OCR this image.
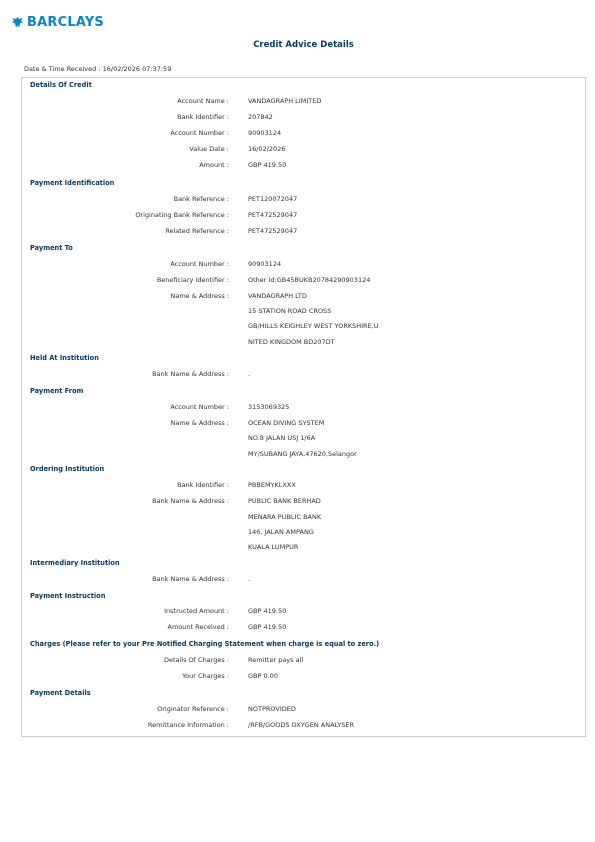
BARCLAYS
Credit Advice Details
Date & Time Received : 16/02/2026 07:37:59
Details Of Credit
Account Name :	VANDAGRAPH LIMITED
Bank Identifier :	207842
Account Number :	90903124
Value Date :	16/02/2026
Amount :	GBP 419.50
Payment Identification
Bank Reference :	PET120072047
Originating Bank Reference :	PET472529047
Related Reference :	PET472529047
Payment To
Account Number :	90903124
Beneficiary Identifier :	Other Id:GB45BUKB20784290903124
Name & Address :	VANDAGRAPH LTD
15 STATION ROAD CROSS
GB/HILLS KEIGHLEY WEST YORKSHIRE,U
NITED KINGDOM BD207DT
Held At Institution
Bank Name & Address :	.
Payment From
Account Number :	3153069325
Name & Address :	OCEAN DIVING SYSTEM
NO.8 JALAN USJ 1/6A
MY/SUBANG JAYA,47620,Selangor
Ordering Institution
Bank Identifier :	PBBEMYKLXXX
Bank Name & Address :	PUBLIC BANK BERHAD
MENARA PUBLIC BANK
146, JALAN AMPANG
KUALA LUMPUR
Intermediary Institution
Bank Name & Address :	.
Payment Instruction
Instructed Amount :	GBP 419.50
Amount Received :	GBP 419.50
Charges (Please refer to your Pre Notified Charging Statement when charge is equal to zero.)
Details Of Charges :	Remitter pays all
Your Charges :	GBP 0.00
Payment Details
Originator Reference :	NOTPROVIDED
Remittance Information :	/RFB/GOODS OXYGEN ANALYSER
